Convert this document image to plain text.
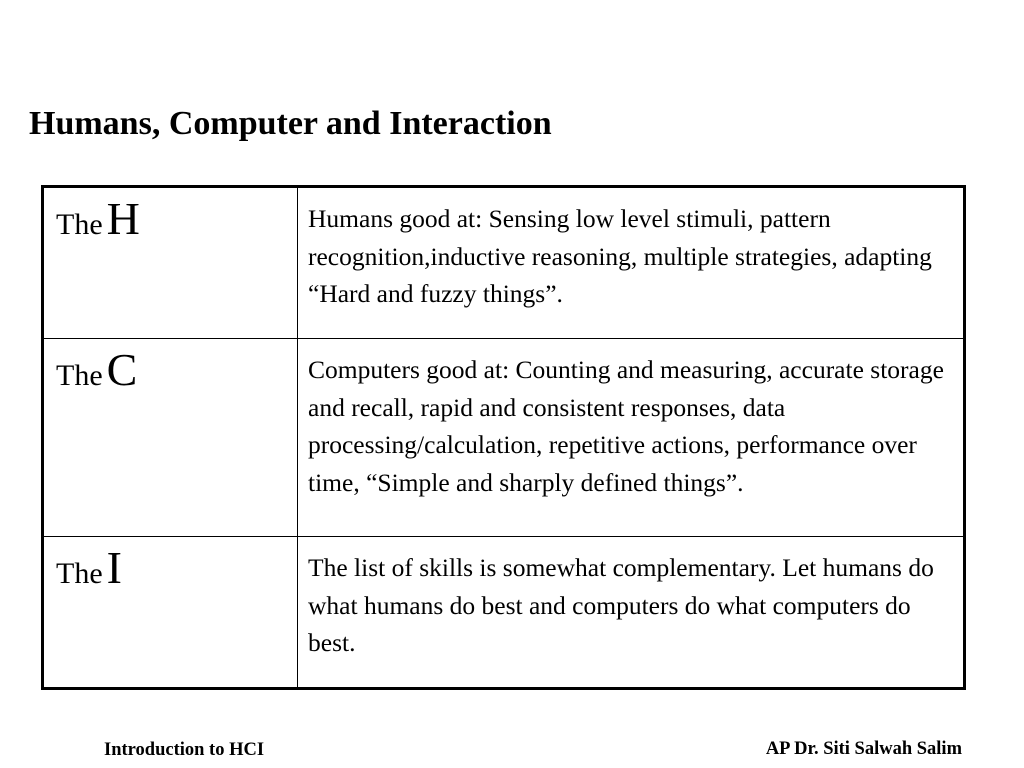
Humans, Computer and Interaction
The H	Humans good at: Sensing low level stimuli, pattern recognition,inductive reasoning, multiple strategies, adapting “Hard and fuzzy things”.

The C	Computers good at: Counting and measuring, accurate storage and recall, rapid and consistent responses, data processing/calculation, repetitive actions, performance over time, “Simple and sharply defined things”.

The I	The list of skills is somewhat complementary. Let humans do what humans do best and computers do what computers do best.
Introduction to HCI	AP Dr. Siti Salwah Salim
